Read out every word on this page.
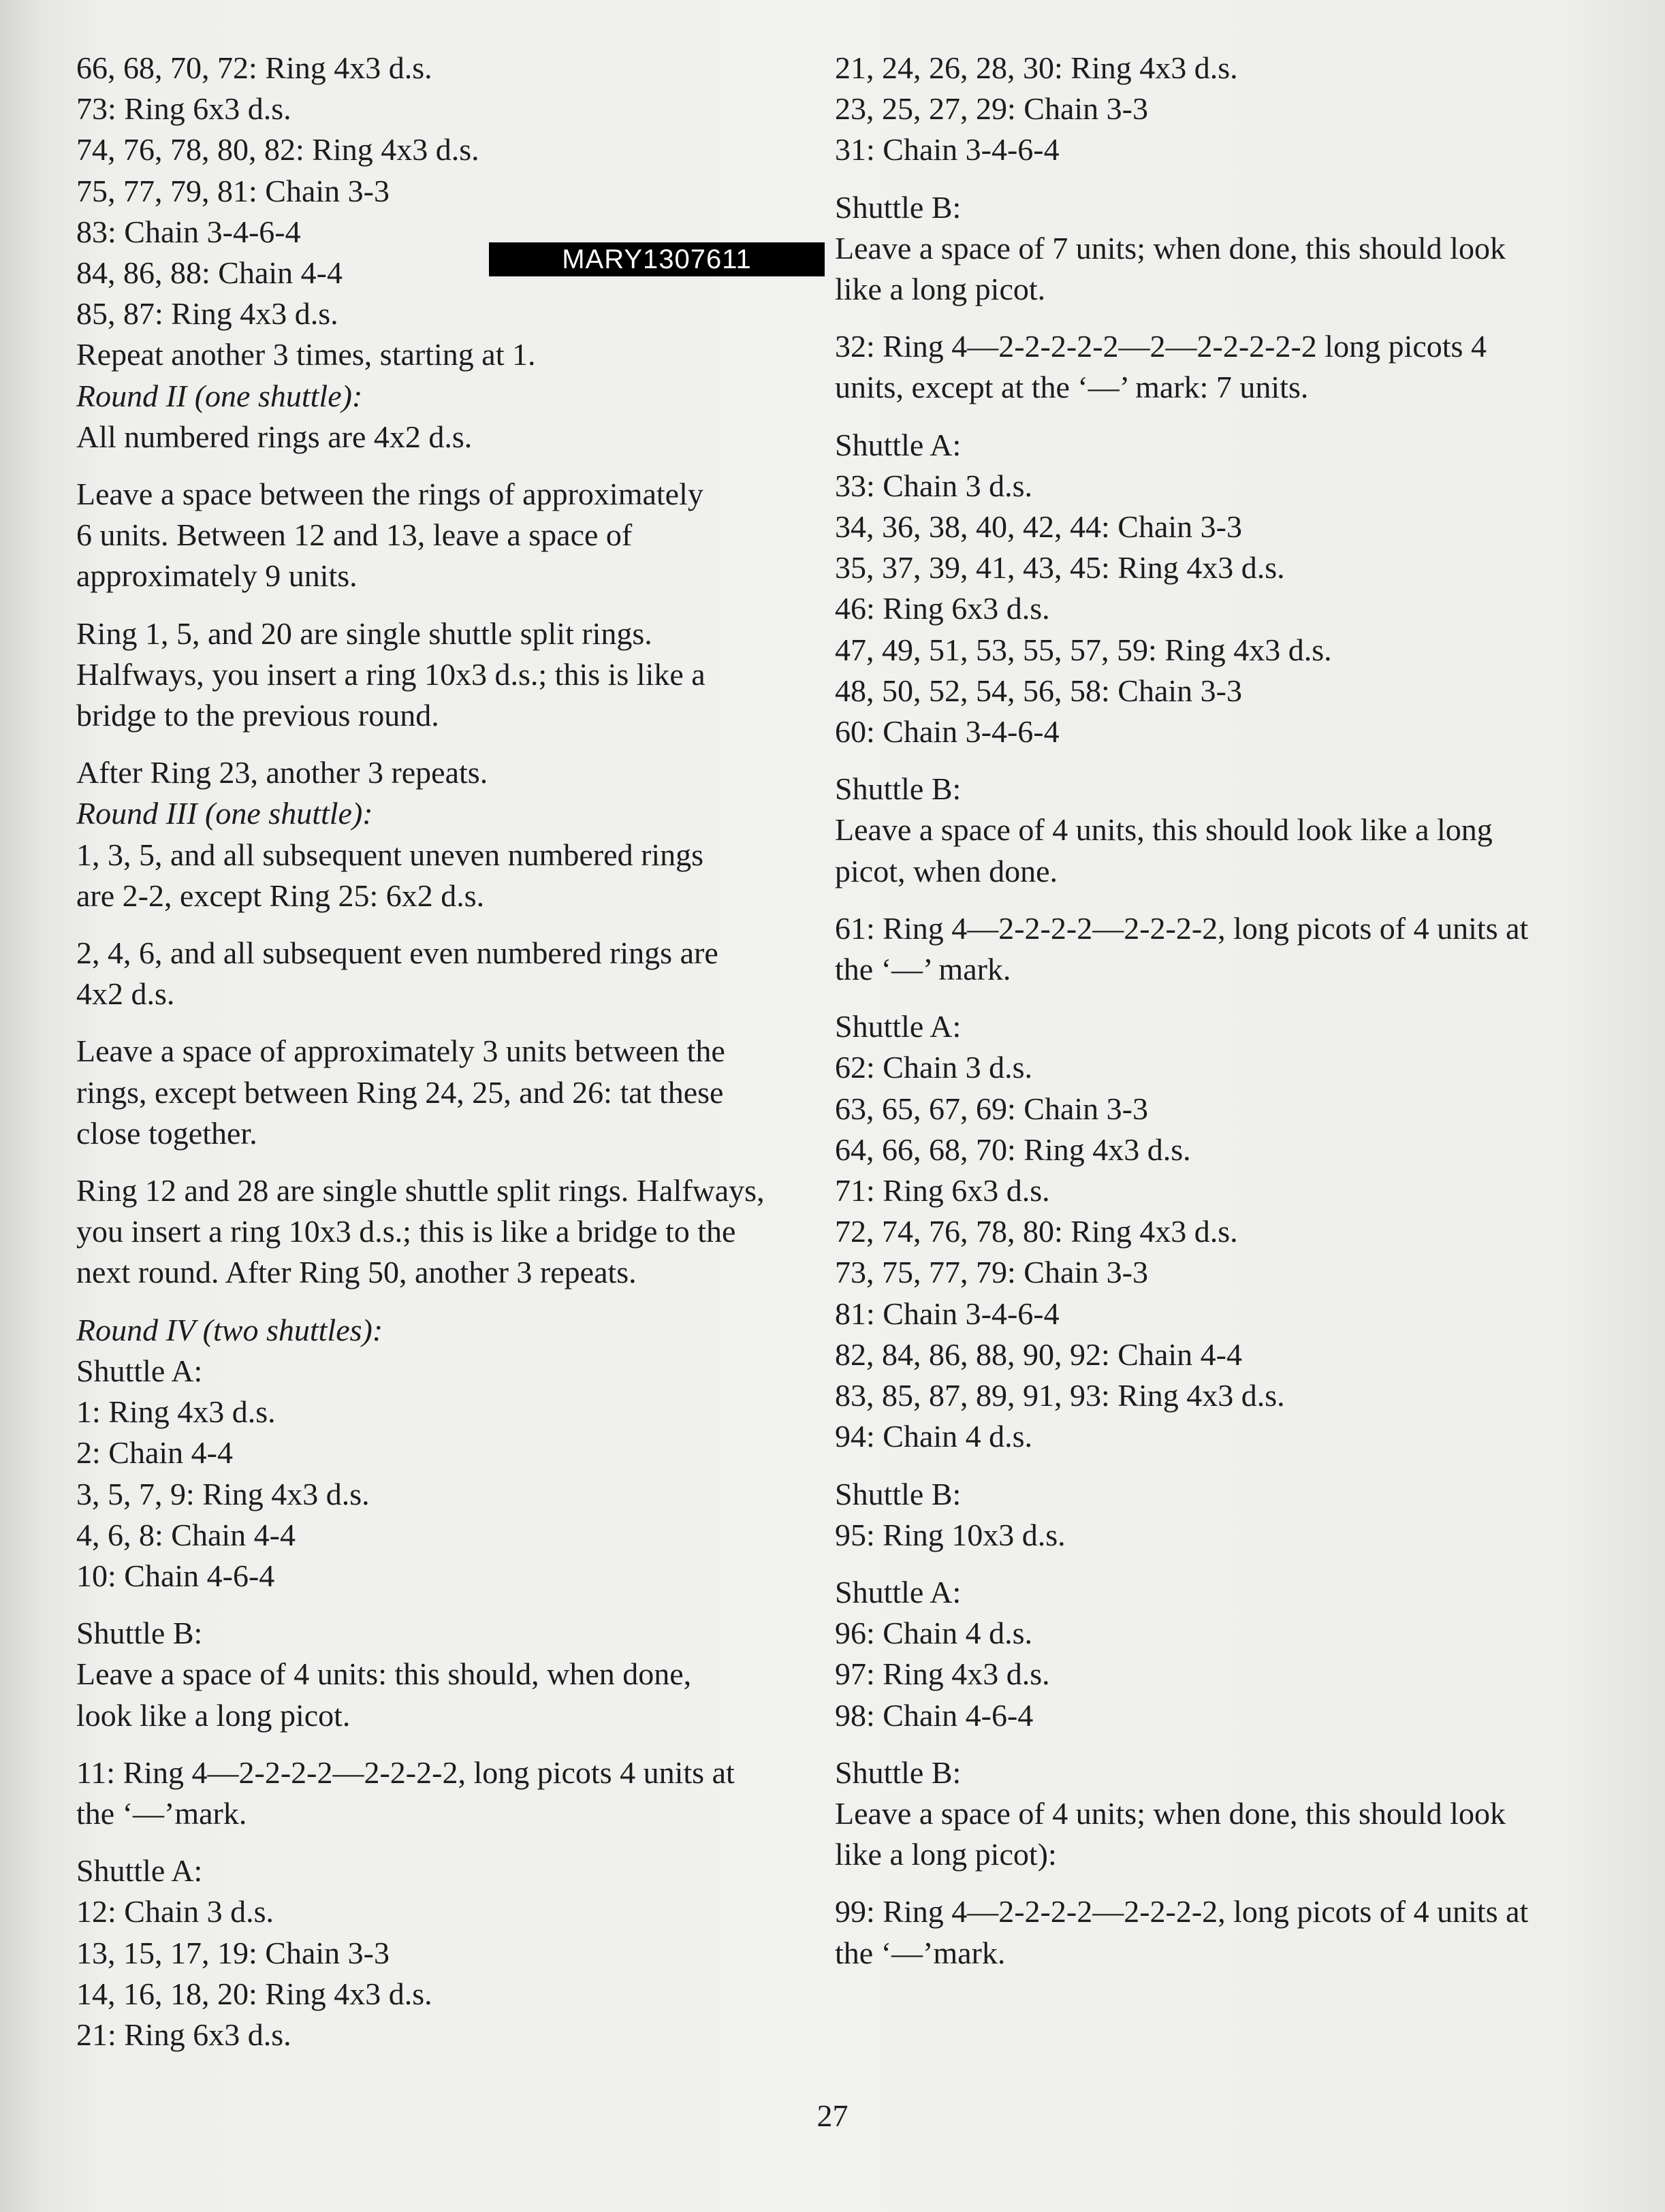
66, 68, 70, 72: Ring 4x3 d.s.
73: Ring 6x3 d.s.
74, 76, 78, 80, 82: Ring 4x3 d.s.
75, 77, 79, 81: Chain 3-3
83: Chain 3-4-6-4
84, 86, 88: Chain 4-4
85, 87: Ring 4x3 d.s.
Repeat another 3 times, starting at 1.
Round II (one shuttle):
All numbered rings are 4x2 d.s.
Leave a space between the rings of approximately
6 units. Between 12 and 13, leave a space of
approximately 9 units.
Ring 1, 5, and 20 are single shuttle split rings.
Halfways, you insert a ring 10x3 d.s.; this is like a
bridge to the previous round.
After Ring 23, another 3 repeats.
Round III (one shuttle):
1, 3, 5, and all subsequent uneven numbered rings
are 2-2, except Ring 25: 6x2 d.s.
2, 4, 6, and all subsequent even numbered rings are
4x2 d.s.
Leave a space of approximately 3 units between the
rings, except between Ring 24, 25, and 26: tat these
close together.
Ring 12 and 28 are single shuttle split rings. Halfways,
you insert a ring 10x3 d.s.; this is like a bridge to the
next round. After Ring 50, another 3 repeats.
Round IV (two shuttles):
Shuttle A:
1: Ring 4x3 d.s.
2: Chain 4-4
3, 5, 7, 9: Ring 4x3 d.s.
4, 6, 8: Chain 4-4
10: Chain 4-6-4
Shuttle B:
Leave a space of 4 units: this should, when done,
look like a long picot.
11: Ring 4—2-2-2-2—2-2-2-2, long picots 4 units at
the ‘—’mark.
Shuttle A:
12: Chain 3 d.s.
13, 15, 17, 19: Chain 3-3
14, 16, 18, 20: Ring 4x3 d.s.
21: Ring 6x3 d.s.
21, 24, 26, 28, 30: Ring 4x3 d.s.
23, 25, 27, 29: Chain 3-3
31: Chain 3-4-6-4
Shuttle B:
Leave a space of 7 units; when done, this should look
like a long picot.
32: Ring 4—2-2-2-2-2—2—2-2-2-2-2 long picots 4
units, except at the ‘—’ mark: 7 units.
Shuttle A:
33: Chain 3 d.s.
34, 36, 38, 40, 42, 44: Chain 3-3
35, 37, 39, 41, 43, 45: Ring 4x3 d.s.
46: Ring 6x3 d.s.
47, 49, 51, 53, 55, 57, 59: Ring 4x3 d.s.
48, 50, 52, 54, 56, 58: Chain 3-3
60: Chain 3-4-6-4
Shuttle B:
Leave a space of 4 units, this should look like a long
picot, when done.
61: Ring 4—2-2-2-2—2-2-2-2, long picots of 4 units at
the ‘—’ mark.
Shuttle A:
62: Chain 3 d.s.
63, 65, 67, 69: Chain 3-3
64, 66, 68, 70: Ring 4x3 d.s.
71: Ring 6x3 d.s.
72, 74, 76, 78, 80: Ring 4x3 d.s.
73, 75, 77, 79: Chain 3-3
81: Chain 3-4-6-4
82, 84, 86, 88, 90, 92: Chain 4-4
83, 85, 87, 89, 91, 93: Ring 4x3 d.s.
94: Chain 4 d.s.
Shuttle B:
95: Ring 10x3 d.s.
Shuttle A:
96: Chain 4 d.s.
97: Ring 4x3 d.s.
98: Chain 4-6-4
Shuttle B:
Leave a space of 4 units; when done, this should look
like a long picot):
99: Ring 4—2-2-2-2—2-2-2-2, long picots of 4 units at
the ‘—’mark.
MARY1307611
27
